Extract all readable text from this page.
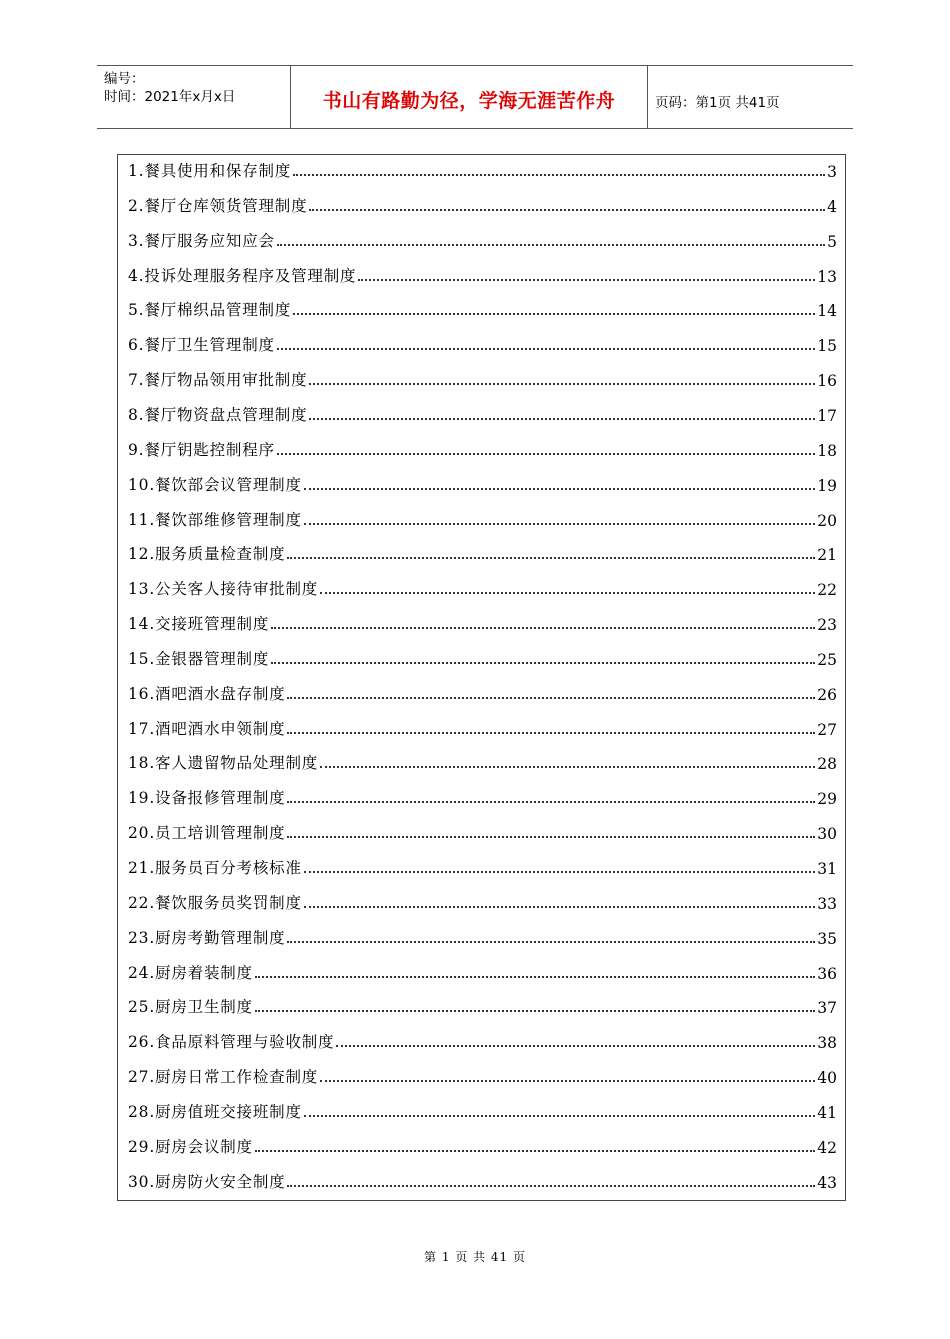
编号：
时间：2021年x月x日	书山有路勤为径，学海无涯苦作舟	页码：第1页 共41页
1.餐具使用和保存制度	3
2.餐厅仓库领货管理制度	4
3.餐厅服务应知应会	5
4.投诉处理服务程序及管理制度	13
5.餐厅棉织品管理制度	14
6.餐厅卫生管理制度	15
7.餐厅物品领用审批制度	16
8.餐厅物资盘点管理制度	17
9.餐厅钥匙控制程序	18
10.餐饮部会议管理制度	19
11.餐饮部维修管理制度	20
12.服务质量检查制度	21
13.公关客人接待审批制度	22
14.交接班管理制度	23
15.金银器管理制度	25
16.酒吧酒水盘存制度	26
17.酒吧酒水申领制度	27
18.客人遗留物品处理制度	28
19.设备报修管理制度	29
20.员工培训管理制度	30
21.服务员百分考核标准	31
22.餐饮服务员奖罚制度	33
23.厨房考勤管理制度	35
24.厨房着装制度	36
25.厨房卫生制度	37
26.食品原料管理与验收制度	38
27.厨房日常工作检查制度	40
28.厨房值班交接班制度	41
29.厨房会议制度	42
30.厨房防火安全制度	43
第 1 页 共 41 页
